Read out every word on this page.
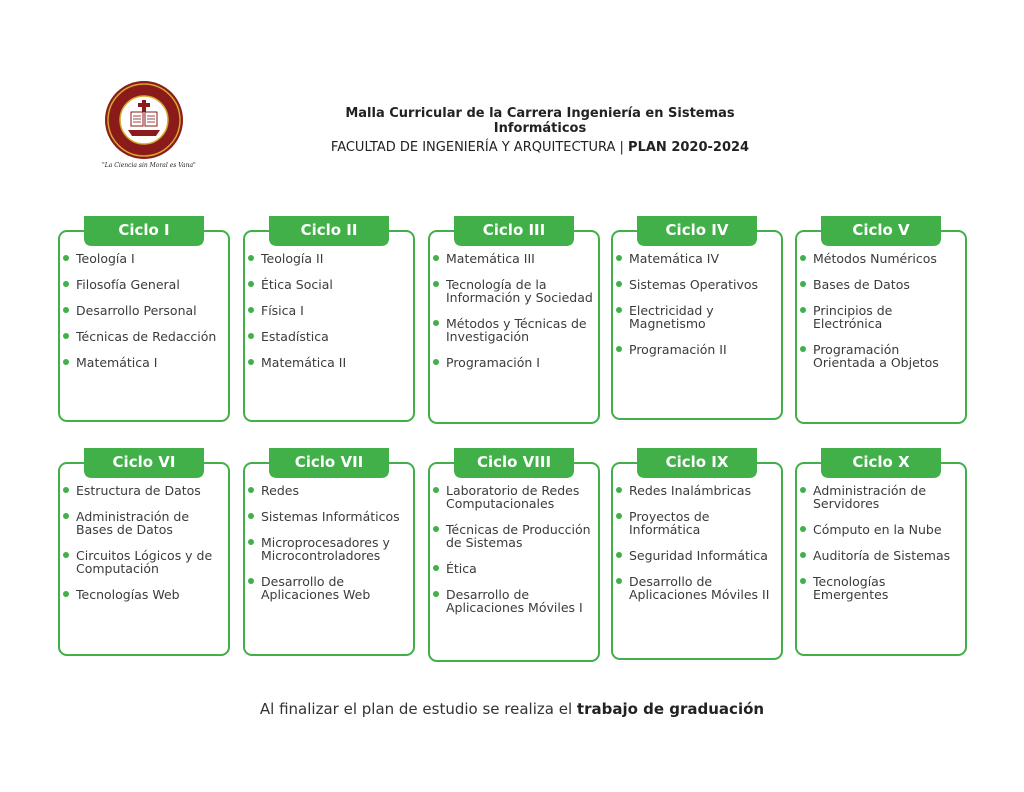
"La Ciencia sin Moral es Vana"
Malla Curricular de la Carrera Ingeniería en Sistemas Informáticos
FACULTAD DE INGENIERÍA Y ARQUITECTURA | PLAN 2020-2024
Ciclo I
Teología I
Filosofía General
Desarrollo Personal
Técnicas de Redacción
Matemática I
Ciclo II
Teología II
Ética Social
Física I
Estadística
Matemática II
Ciclo III
Matemática III
Tecnología de la Información y Sociedad
Métodos y Técnicas de Investigación
Programación I
Ciclo IV
Matemática IV
Sistemas Operativos
Electricidad y Magnetismo
Programación II
Ciclo V
Métodos Numéricos
Bases de Datos
Principios de Electrónica
Programación Orientada a Objetos
Ciclo VI
Estructura de Datos
Administración de Bases de Datos
Circuitos Lógicos y de Computación
Tecnologías Web
Ciclo VII
Redes
Sistemas Informáticos
Microprocesadores y Microcontroladores
Desarrollo de Aplicaciones Web
Ciclo VIII
Laboratorio de Redes Computacionales
Técnicas de Producción de Sistemas
Ética
Desarrollo de Aplicaciones Móviles I
Ciclo IX
Redes Inalámbricas
Proyectos de Informática
Seguridad Informática
Desarrollo de Aplicaciones Móviles II
Ciclo X
Administración de Servidores
Cómputo en la Nube
Auditoría de Sistemas
Tecnologías Emergentes
Al finalizar el plan de estudio se realiza el trabajo de graduación
